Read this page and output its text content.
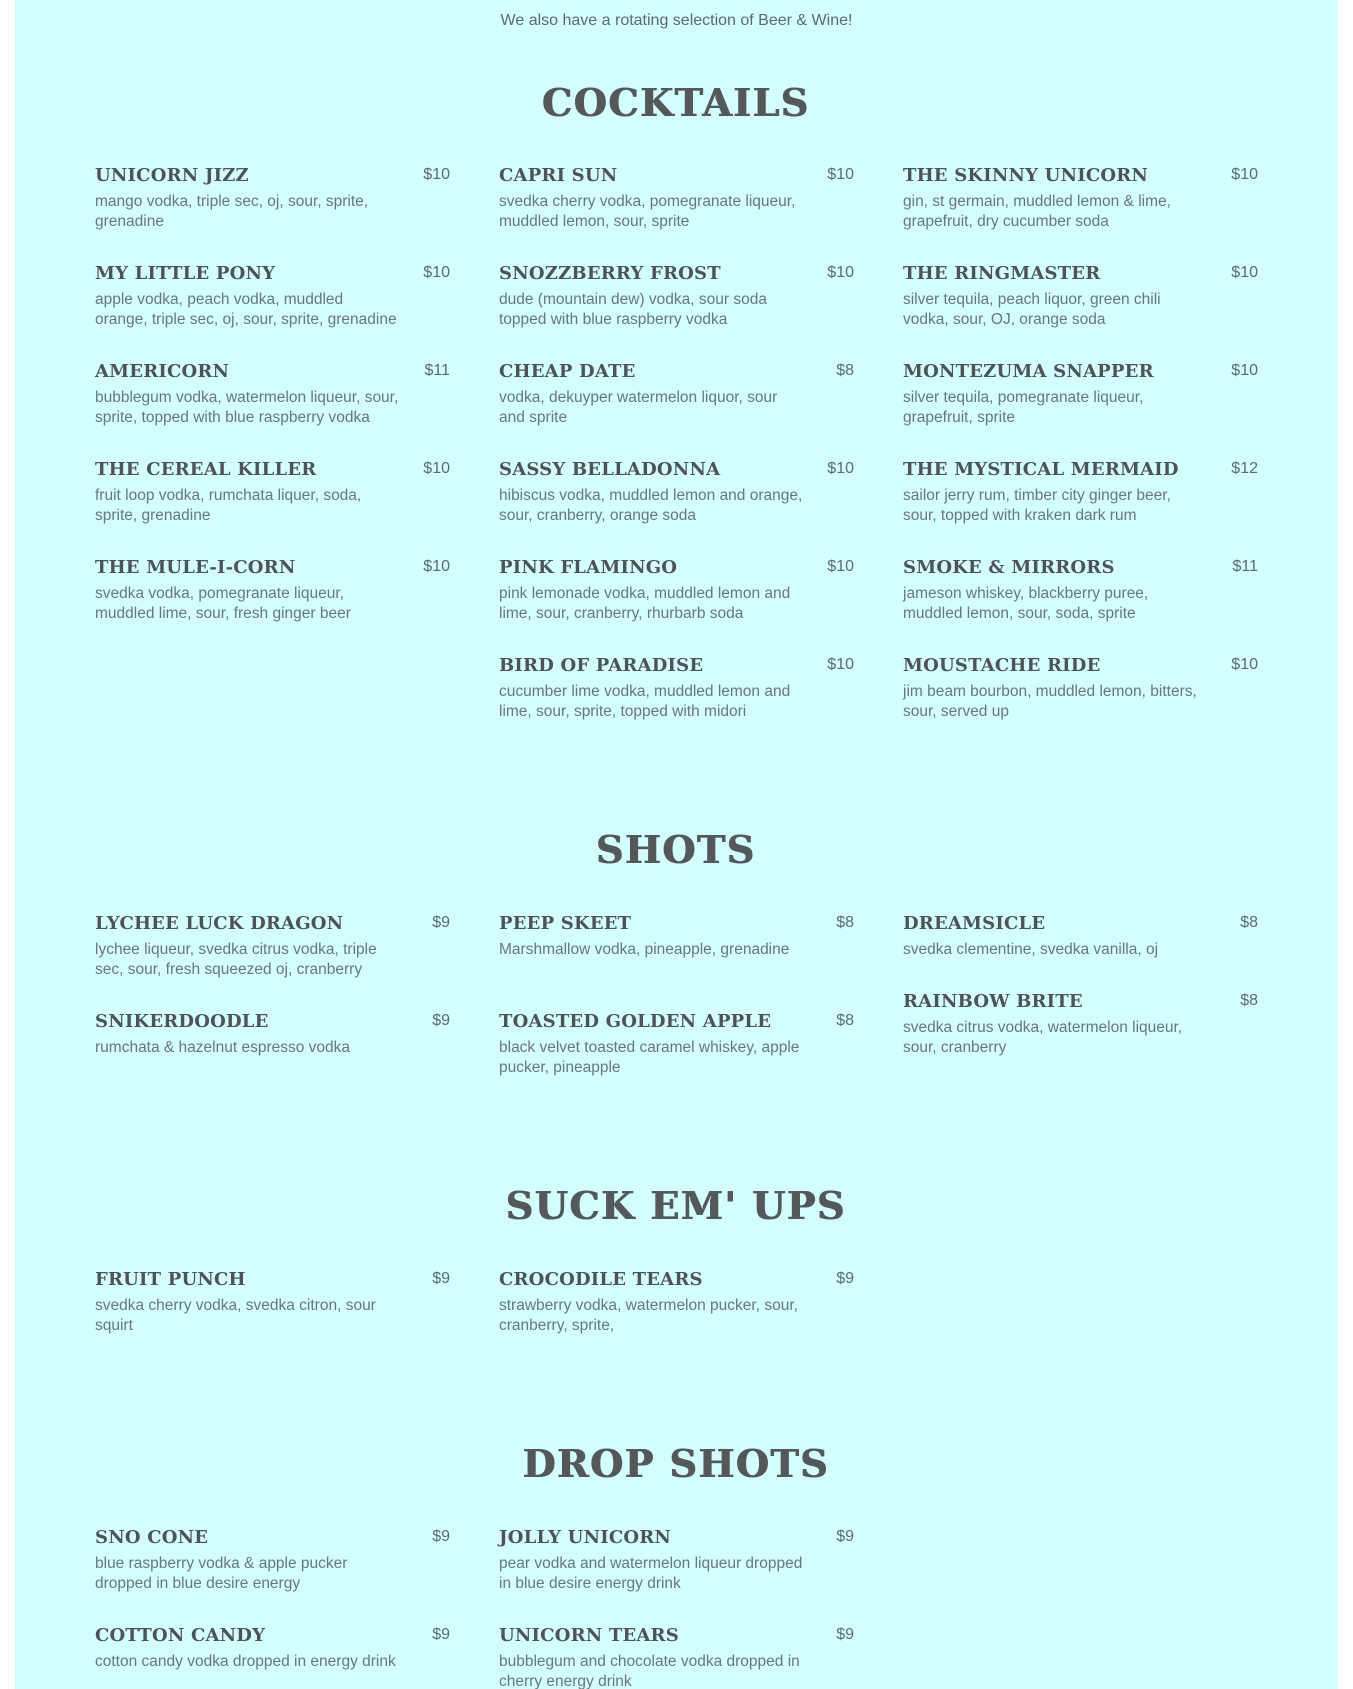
We also have a rotating selection of Beer & Wine!
COCKTAILS
UNICORN JIZZ	$10
mango vodka, triple sec, oj, sour, sprite, grenadine
MY LITTLE PONY	$10
apple vodka, peach vodka, muddled orange, triple sec, oj, sour, sprite, grenadine
AMERICORN	$11
bubblegum vodka, watermelon liqueur, sour, sprite, topped with blue raspberry vodka
THE CEREAL KILLER	$10
fruit loop vodka, rumchata liquer, soda, sprite, grenadine
THE MULE-I-CORN	$10
svedka vodka, pomegranate liqueur, muddled lime, sour, fresh ginger beer
CAPRI SUN	$10
svedka cherry vodka, pomegranate liqueur, muddled lemon, sour, sprite
SNOZZBERRY FROST	$10
dude (mountain dew) vodka, sour soda topped with blue raspberry vodka
CHEAP DATE	$8
vodka, dekuyper watermelon liquor, sour and sprite
SASSY BELLADONNA	$10
hibiscus vodka, muddled lemon and orange, sour, cranberry, orange soda
PINK FLAMINGO	$10
pink lemonade vodka, muddled lemon and lime, sour, cranberry, rhurbarb soda
BIRD OF PARADISE	$10
cucumber lime vodka, muddled lemon and lime, sour, sprite, topped with midori
THE SKINNY UNICORN	$10
gin, st germain, muddled lemon & lime, grapefruit, dry cucumber soda
THE RINGMASTER	$10
silver tequila, peach liquor, green chili vodka, sour, OJ, orange soda
MONTEZUMA SNAPPER	$10
silver tequila, pomegranate liqueur, grapefruit, sprite
THE MYSTICAL MERMAID	$12
sailor jerry rum, timber city ginger beer, sour, topped with kraken dark rum
SMOKE & MIRRORS	$11
jameson whiskey, blackberry puree, muddled lemon, sour, soda, sprite
MOUSTACHE RIDE	$10
jim beam bourbon, muddled lemon, bitters, sour, served up
SHOTS
LYCHEE LUCK DRAGON	$9
lychee liqueur, svedka citrus vodka, triple sec, sour, fresh squeezed oj, cranberry
SNIKERDOODLE	$9
rumchata & hazelnut espresso vodka
PEEP SKEET	$8
Marshmallow vodka, pineapple, grenadine
TOASTED GOLDEN APPLE	$8
black velvet toasted caramel whiskey, apple pucker, pineapple
DREAMSICLE	$8
svedka clementine, svedka vanilla, oj
RAINBOW BRITE	$8
svedka citrus vodka, watermelon liqueur, sour, cranberry
SUCK EM' UPS
FRUIT PUNCH	$9
svedka cherry vodka, svedka citron, sour squirt
CROCODILE TEARS	$9
strawberry vodka, watermelon pucker, sour, cranberry, sprite,
DROP SHOTS
SNO CONE	$9
blue raspberry vodka & apple pucker dropped in blue desire energy
COTTON CANDY	$9
cotton candy vodka dropped in energy drink
JOLLY UNICORN	$9
pear vodka and watermelon liqueur dropped in blue desire energy drink
UNICORN TEARS	$9
bubblegum and chocolate vodka dropped in cherry energy drink
